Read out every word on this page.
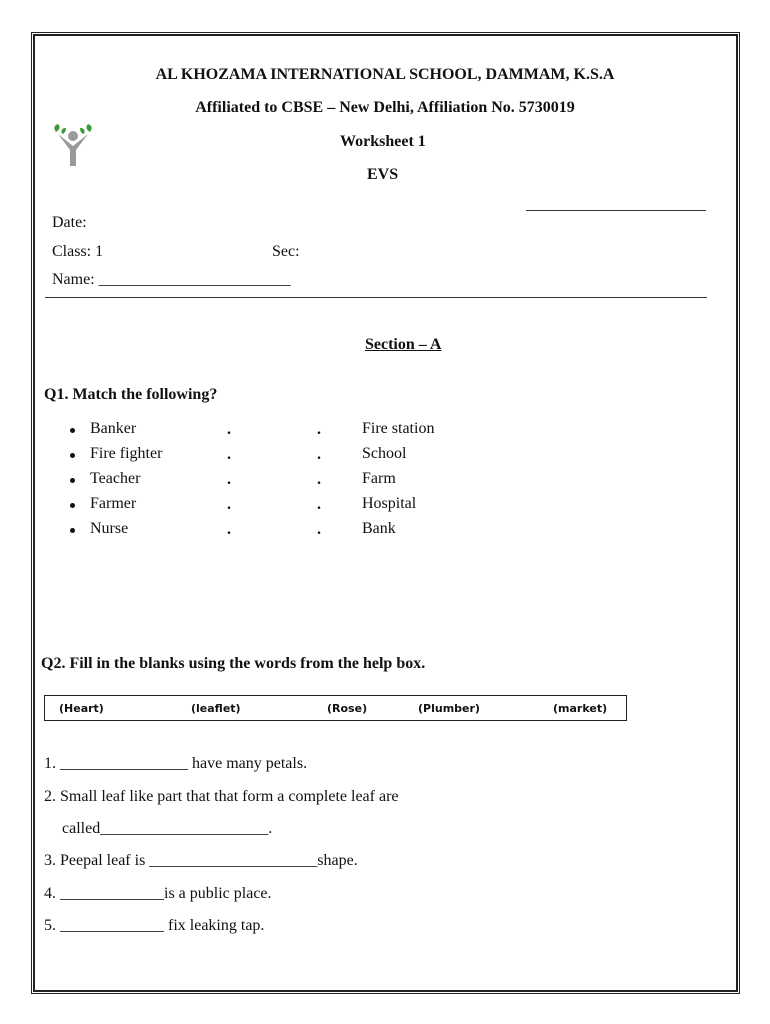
AL KHOZAMA INTERNATIONAL SCHOOL, DAMMAM, K.S.A
Affiliated to CBSE – New Delhi, Affiliation No. 5730019
Worksheet 1
EVS
Date:
Class: 1	Sec:
Name: ________________________
Section – A
Q1. Match the following?
Banker	.	.	Fire station
Fire fighter	.	.	School
Teacher	.	.	Farm
Farmer	.	.	Hospital
Nurse	.	.	Bank
Q2. Fill in the blanks using the words from the help box.
(Heart)	(leaflet)	(Rose)	(Plumber)	(market)
1. ________________ have many petals.
2. Small leaf like part that that form a complete leaf are
called_____________________.
3. Peepal leaf is _____________________shape.
4. _____________is a public place.
5. _____________ fix leaking tap.
